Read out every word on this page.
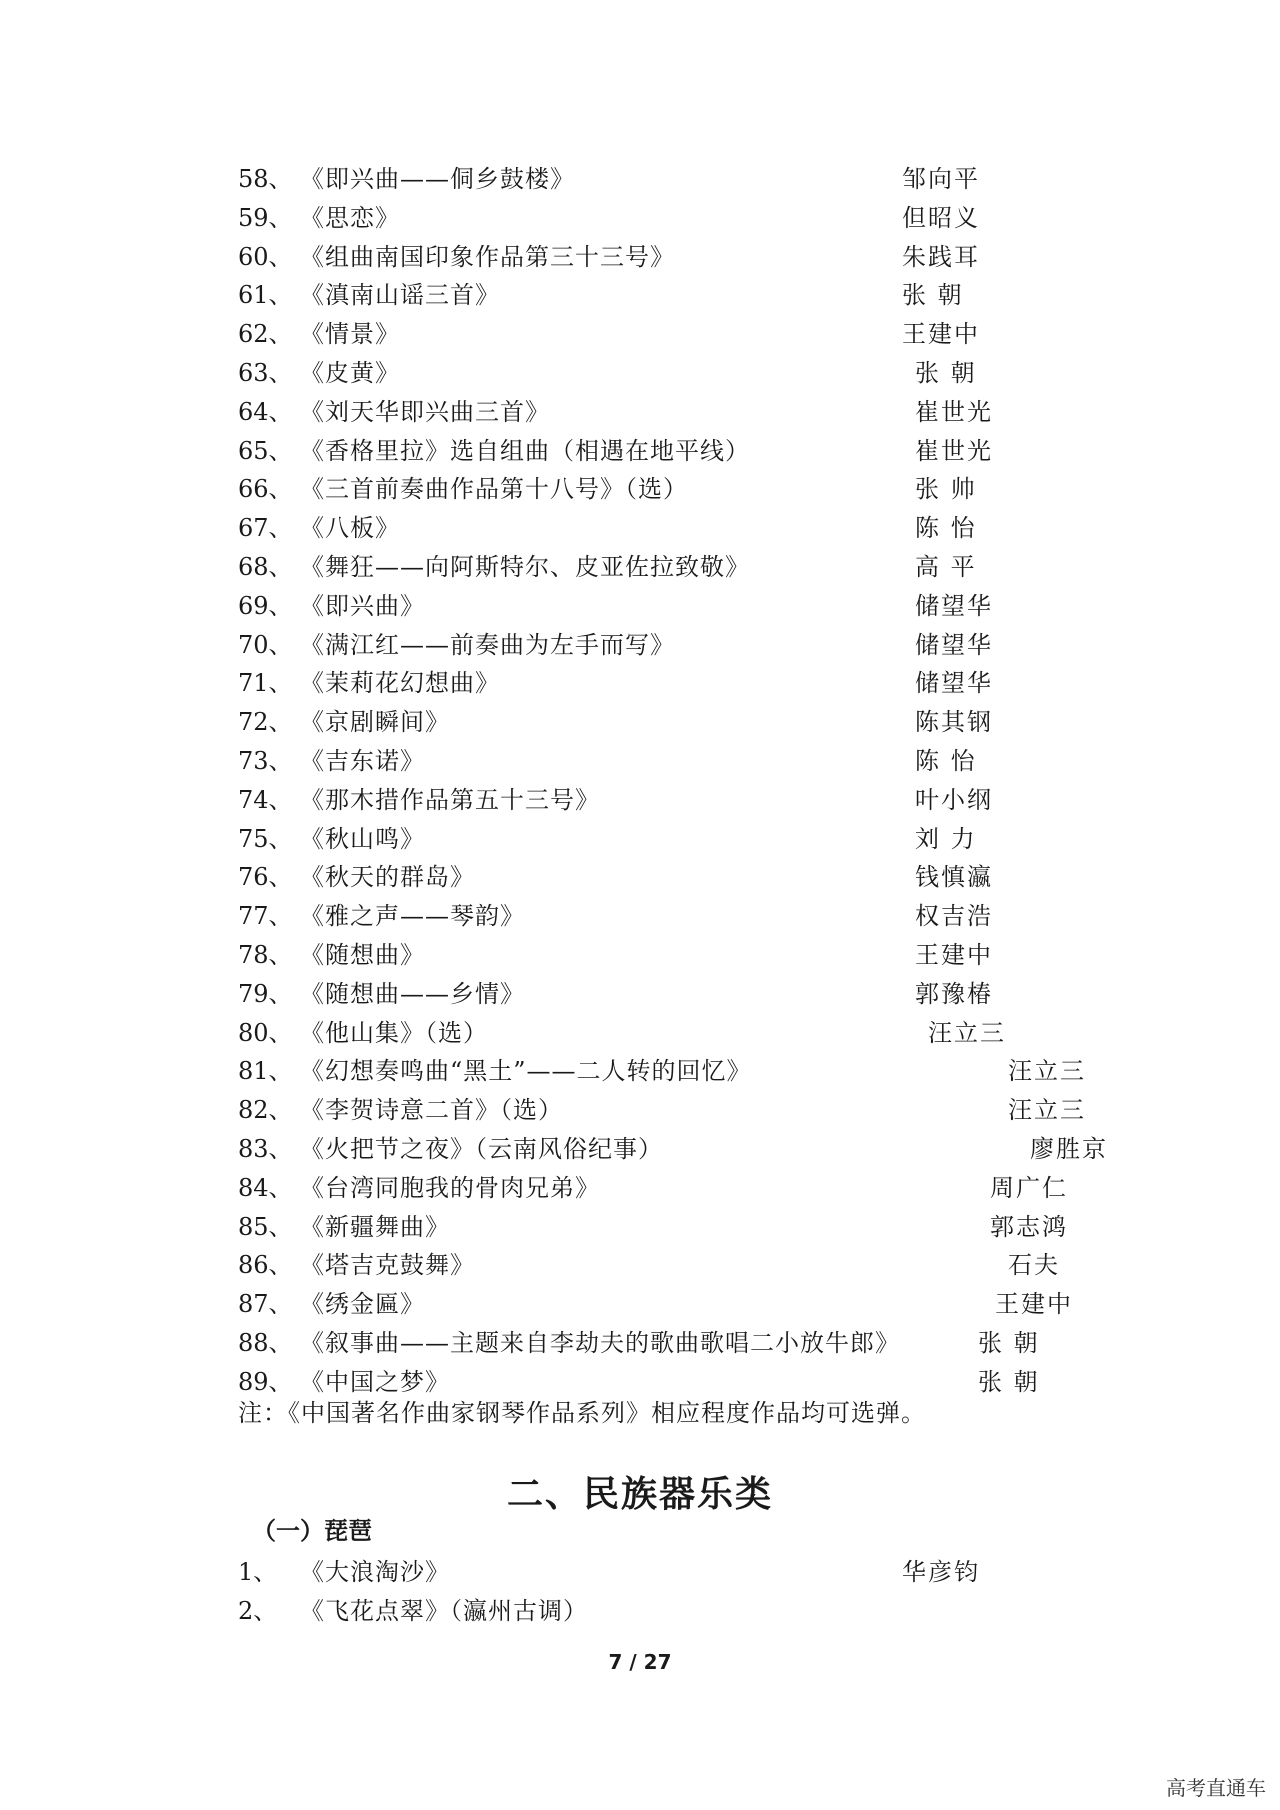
58、 《即兴曲——侗乡鼓楼》	邹向平
59、 《思恋》	但昭义
60、 《组曲南国印象作品第三十三号》	朱践耳
61、 《滇南山谣三首》	张 朝
62、 《情景》	王建中
63、 《皮黄》	张 朝
64、 《刘天华即兴曲三首》	崔世光
65、 《香格里拉》选自组曲（相遇在地平线）	崔世光
66、 《三首前奏曲作品第十八号》（选）	张 帅
67、 《八板》	陈 怡
68、 《舞狂——向阿斯特尔、皮亚佐拉致敬》	高 平
69、 《即兴曲》	储望华
70、 《满江红——前奏曲为左手而写》	储望华
71、 《茉莉花幻想曲》	储望华
72、 《京剧瞬间》	陈其钢
73、 《吉东诺》	陈 怡
74、 《那木措作品第五十三号》	叶小纲
75、 《秋山鸣》	刘 力
76、 《秋天的群岛》	钱慎瀛
77、 《雅之声——琴韵》	权吉浩
78、 《随想曲》	王建中
79、 《随想曲——乡情》	郭豫椿
80、 《他山集》（选）	汪立三
81、 《幻想奏鸣曲“黑土”——二人转的回忆》	汪立三
82、 《李贺诗意二首》（选）	汪立三
83、 《火把节之夜》（云南风俗纪事）	廖胜京
84、 《台湾同胞我的骨肉兄弟》	周广仁
85、 《新疆舞曲》	郭志鸿
86、 《塔吉克鼓舞》	石夫
87、 《绣金匾》	王建中
88、 《叙事曲——主题来自李劫夫的歌曲歌唱二小放牛郎》	张 朝
89、 《中国之梦》	张 朝
注：《中国著名作曲家钢琴作品系列》相应程度作品均可选弹。
二、民族器乐类
（一）琵琶
1、 《大浪淘沙》	华彦钧
2、 《飞花点翠》（瀛州古调）
7 / 27
高考直通车
